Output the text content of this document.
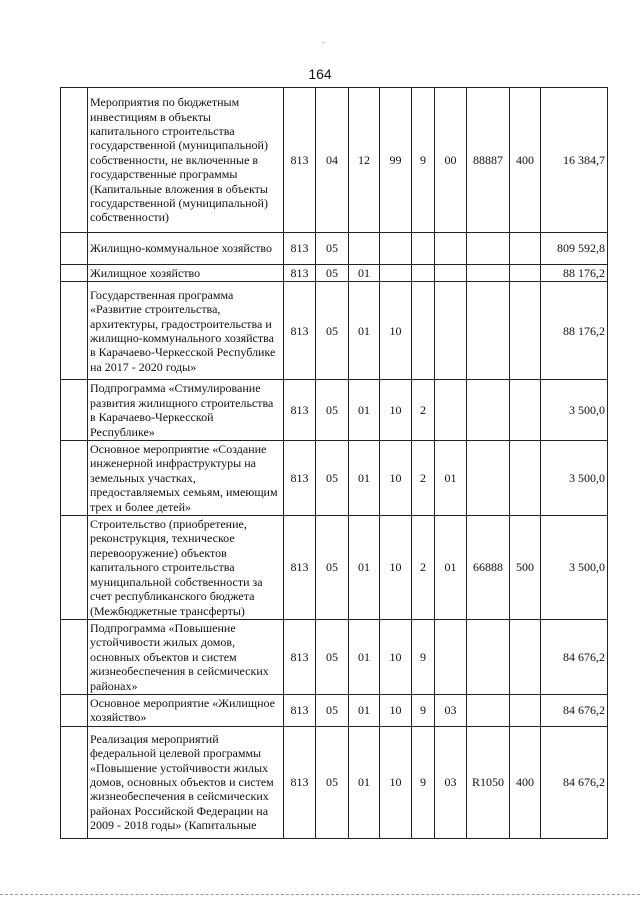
-
164
	Мероприятия по бюджетным инвестициям в объекты капитального строительства государственной (муниципальной) собственности, не включенные в государственные программы (Капитальные вложения в объекты государственной (муниципальной) собственности)	813	04	12	99	9	00	88887	400	16 384,7
	Жилищно-коммунальное хозяйство	813	05							809 592,8
	Жилищное хозяйство	813	05	01						88 176,2
	Государственная программа «Развитие строительства, архитектуры, градостроительства и жилищно-коммунального хозяйства в Карачаево-Черкесской Республике на 2017 - 2020 годы»	813	05	01	10					88 176,2
	Подпрограмма «Стимулирование развития жилищного строительства в Карачаево-Черкесской Республике»	813	05	01	10	2				3 500,0
	Основное мероприятие «Создание инженерной инфраструктуры на земельных участках, предоставляемых семьям, имеющим трех и более детей»	813	05	01	10	2	01			3 500,0
	Строительство (приобретение, реконструкция, техническое перевооружение) объектов капитального строительства муниципальной собственности за счет республиканского бюджета (Межбюджетные трансферты)	813	05	01	10	2	01	66888	500	3 500,0
	Подпрограмма «Повышение устойчивости жилых домов, основных объектов и систем жизнеобеспечения в сейсмических районах»	813	05	01	10	9				84 676,2
	Основное мероприятие «Жилищное хозяйство»	813	05	01	10	9	03			84 676,2
	Реализация мероприятий федеральной целевой программы «Повышение устойчивости жилых домов, основных объектов и систем жизнеобеспечения в сейсмических районах Российской Федерации на 2009 - 2018 годы» (Капитальные	813	05	01	10	9	03	R1050	400	84 676,2
